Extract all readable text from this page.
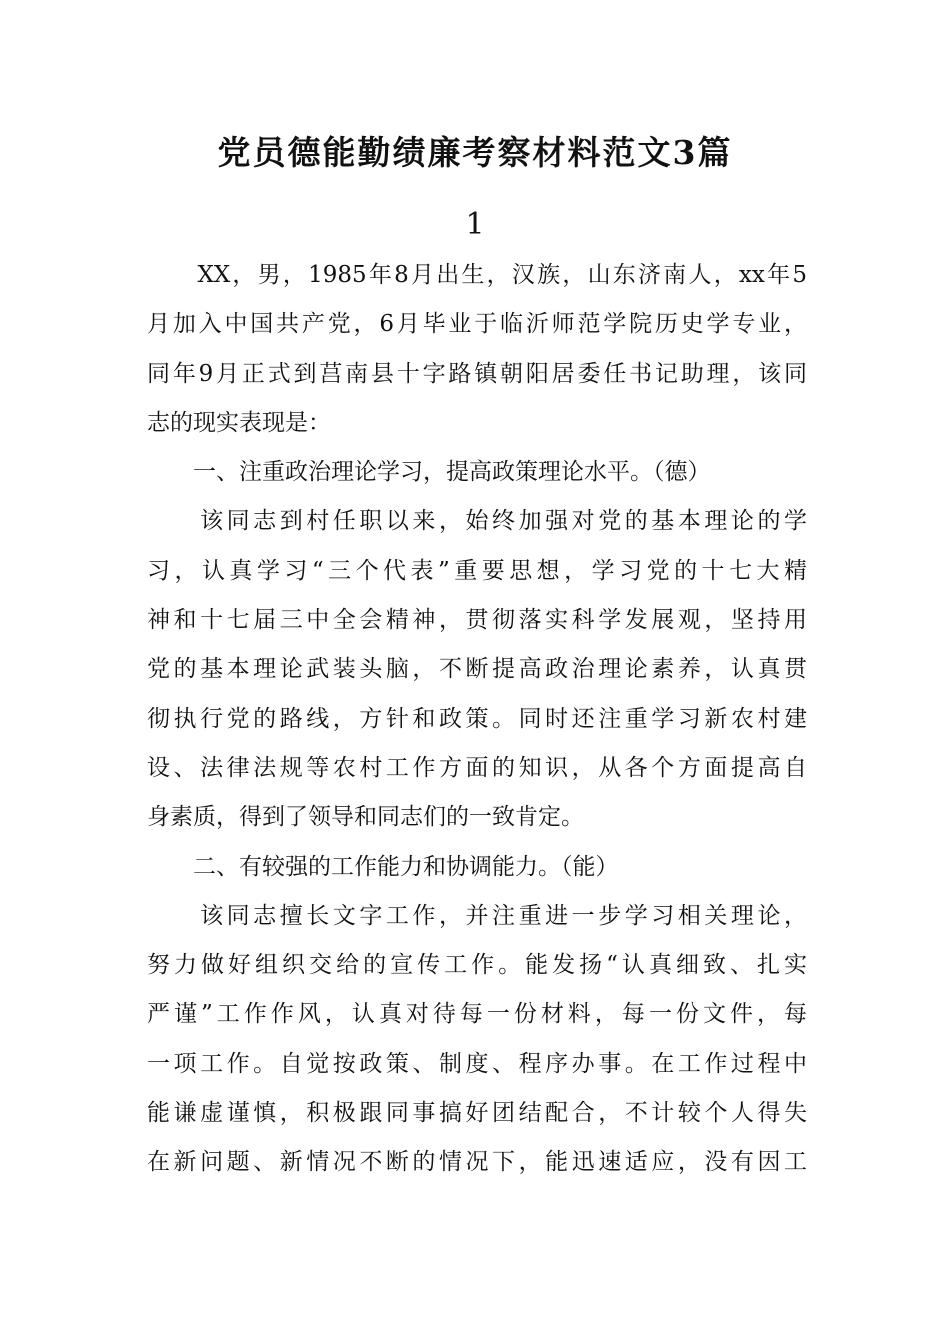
党员德能勤绩廉考察材料范文3篇
1
　　XX，男，1985年8月出生，汉族，山东济南人，xx年5
月加入中国共产党，6月毕业于临沂师范学院历史学专业，
同年9月正式到莒南县十字路镇朝阳居委任书记助理，该同
志的现实表现是：
　　一、注重政治理论学习，提高政策理论水平。（德）
　　该同志到村任职以来，始终加强对党的基本理论的学
习，认真学习“三个代表”重要思想，学习党的十七大精
神和十七届三中全会精神，贯彻落实科学发展观，坚持用
党的基本理论武装头脑，不断提高政治理论素养，认真贯
彻执行党的路线，方针和政策。同时还注重学习新农村建
设、法律法规等农村工作方面的知识，从各个方面提高自
身素质，得到了领导和同志们的一致肯定。
　　二、有较强的工作能力和协调能力。（能）
　　该同志擅长文字工作，并注重进一步学习相关理论，
努力做好组织交给的宣传工作。能发扬“认真细致、扎实
严谨”工作作风，认真对待每一份材料，每一份文件，每
一项工作。自觉按政策、制度、程序办事。在工作过程中
能谦虚谨慎，积极跟同事搞好团结配合，不计较个人得失
在新问题、新情况不断的情况下，能迅速适应，没有因工
